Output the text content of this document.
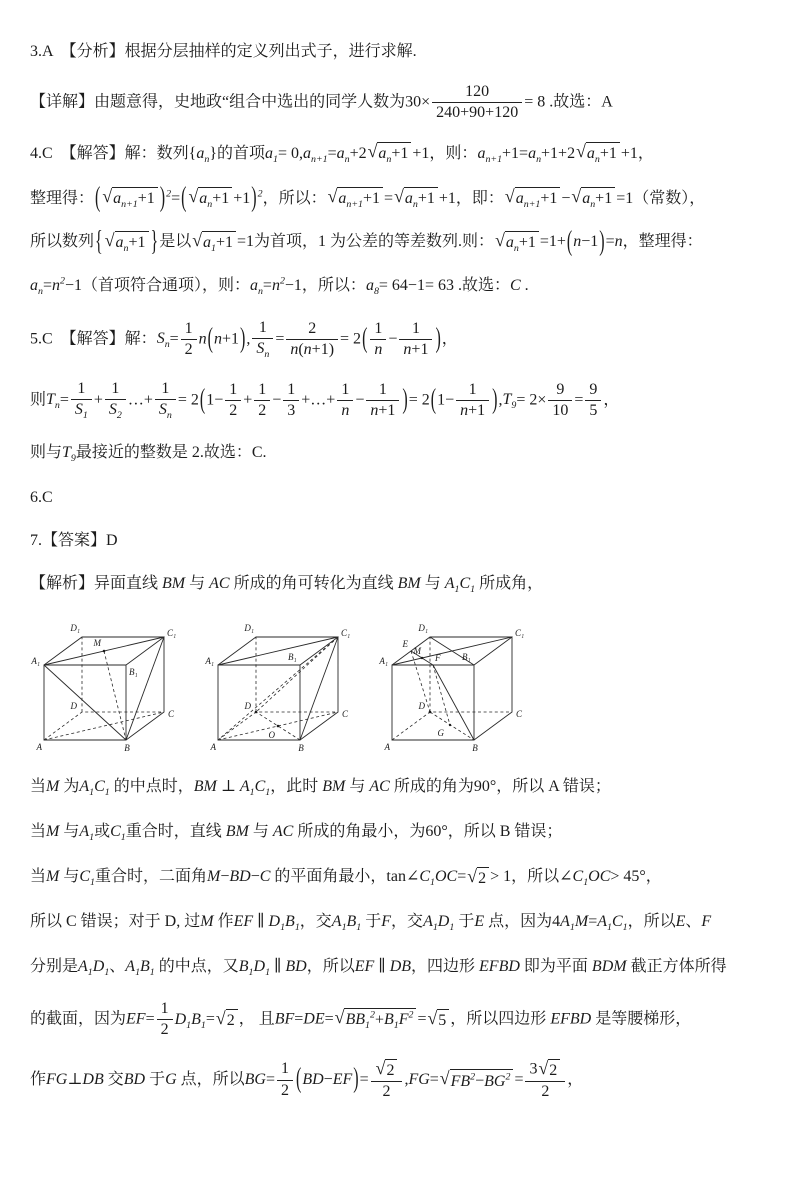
3.A　【分析】根据分层抽样的定义列出式子，进行求解.
【详解】由题意得，史地政“组合中选出的同学人数为$30\times \frac{120}{240+90+120} = 8$ .故选：A
4.C　【解答】解：数列$\{a_n\}$的首项$a_1= 0,a_{n+1}=a_n+2$ √ $a_n+1 +1$，则：$a_{n+1}+1=a_n+1+2$ √ $a_n+1 +1$，
整理得：( √ $a_{n+1}+1$ )$^2$=( √ $a_n+1 +1)^2$，所以： √ $a_{n+1}+1$ = √ $a_n+1 +1$，即： √ $a_{n+1}+1$ − √ $a_n+1 =1$（常数），
所以数列{ √ $a_n+1$ }是以 √ $a_1+1 =1$为首项，1 为公差的等差数列.则： √ $a_n+1 =1+(n-1)=n$，整理得：
$a_n=n^2-1$（首项符合通项），则：$a_n=n^2-1$，所以：$a_8= 64-1= 63$ .故选：C .
5.C　【解答】解：$S_n= \frac{1}{2} n(n+1)$, $\frac{1}{S_n} = \frac{2}{n(n+1)} = 2( \frac{1}{n} - \frac{1}{n+1}$ )，
则$T_n= \frac{1}{S_1} + \frac{1}{S_2}$ …+ $\frac{1}{S_n} = 2(1- \frac{1}{2} + \frac{1}{2} - \frac{1}{3}$ +…+ $\frac{1}{n} - \frac{1}{n+1}$ )= $2(1- \frac{1}{n+1} ),T_9= 2\times \frac{9}{10} = \frac{9}{5}$ ，
则与$T_9$最接近的整数是 2.故选：C.
6.C
7.【答案】D
【解析】异面直线 BM 与 AC 所成的角可转化为直线 BM 与 $A_1C_1$ 所成角，
A	B
C
D
A₁
B₁
C₁
D₁
M
A	B
C
D
A₁	B₁
C₁
D₁
O
A	B
C
D
A₁	B₁
C₁
D₁
E
M
F
G
当M 为$A_1C_1$ 的中点时，BM ⊥ $A_1C_1$，此时 BM 与 AC 所成的角为90°，所以 A 错误；
当M 与$A_1$或$C_1$重合时，直线 BM 与 AC 所成的角最小，为60°，所以 B 错误；
当M 与$C_1$重合时，二面角M−BD−C 的平面角最小，$\tan\angle C_1OC=$ √ 2 > 1，所以$\angle C_1OC> 45^\circ$，
所以 C 错误；对于 D, 过M 作EF ∥ $D_1B_1$，交$A_1B_1$ 于F，交$A_1D_1$ 于E 点，因为$4A_1M=A_1C_1$，所以E、F
分别是$A_1D_1$、$A_1B_1$ 的中点，又$B_1D_1$ ∥ BD，所以EF ∥ DB，四边形 EFBD 即为平面 BDM 截正方体所得
的截面，因为$EF= \frac{1}{2} D_1B_1=$ √ 2 ， 且BF=DE= √ $BB_1^2+B_1F^2$ = √ 5 ，所以四边形 EFBD 是等腰梯形，
作FG⊥DB 交BD 于G 点，所以$BG= \frac{1}{2} (BD-EF)= \frac{√ 2}{2} ,FG=$ √ $FB^2-BG^2 = \frac{3 √ 2}{2}$ ，
